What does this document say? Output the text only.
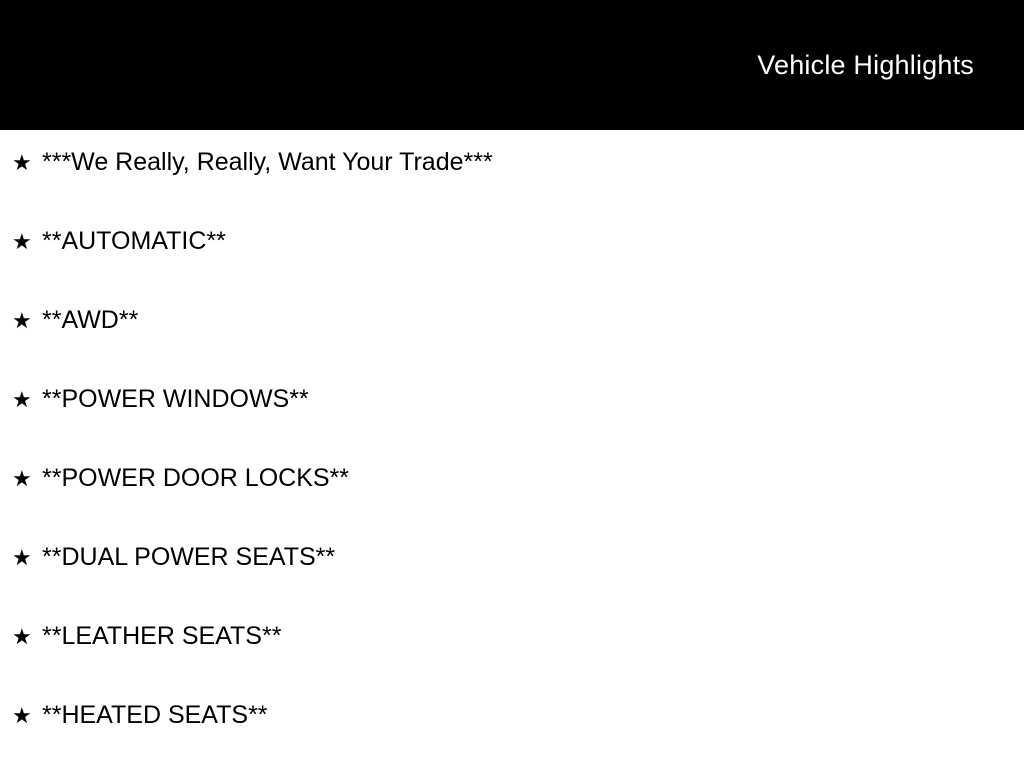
Vehicle Highlights
★ ***We Really, Really, Want Your Trade***
★ **AUTOMATIC**
★ **AWD**
★ **POWER WINDOWS**
★ **POWER DOOR LOCKS**
★ **DUAL POWER SEATS**
★ **LEATHER SEATS**
★ **HEATED SEATS**
